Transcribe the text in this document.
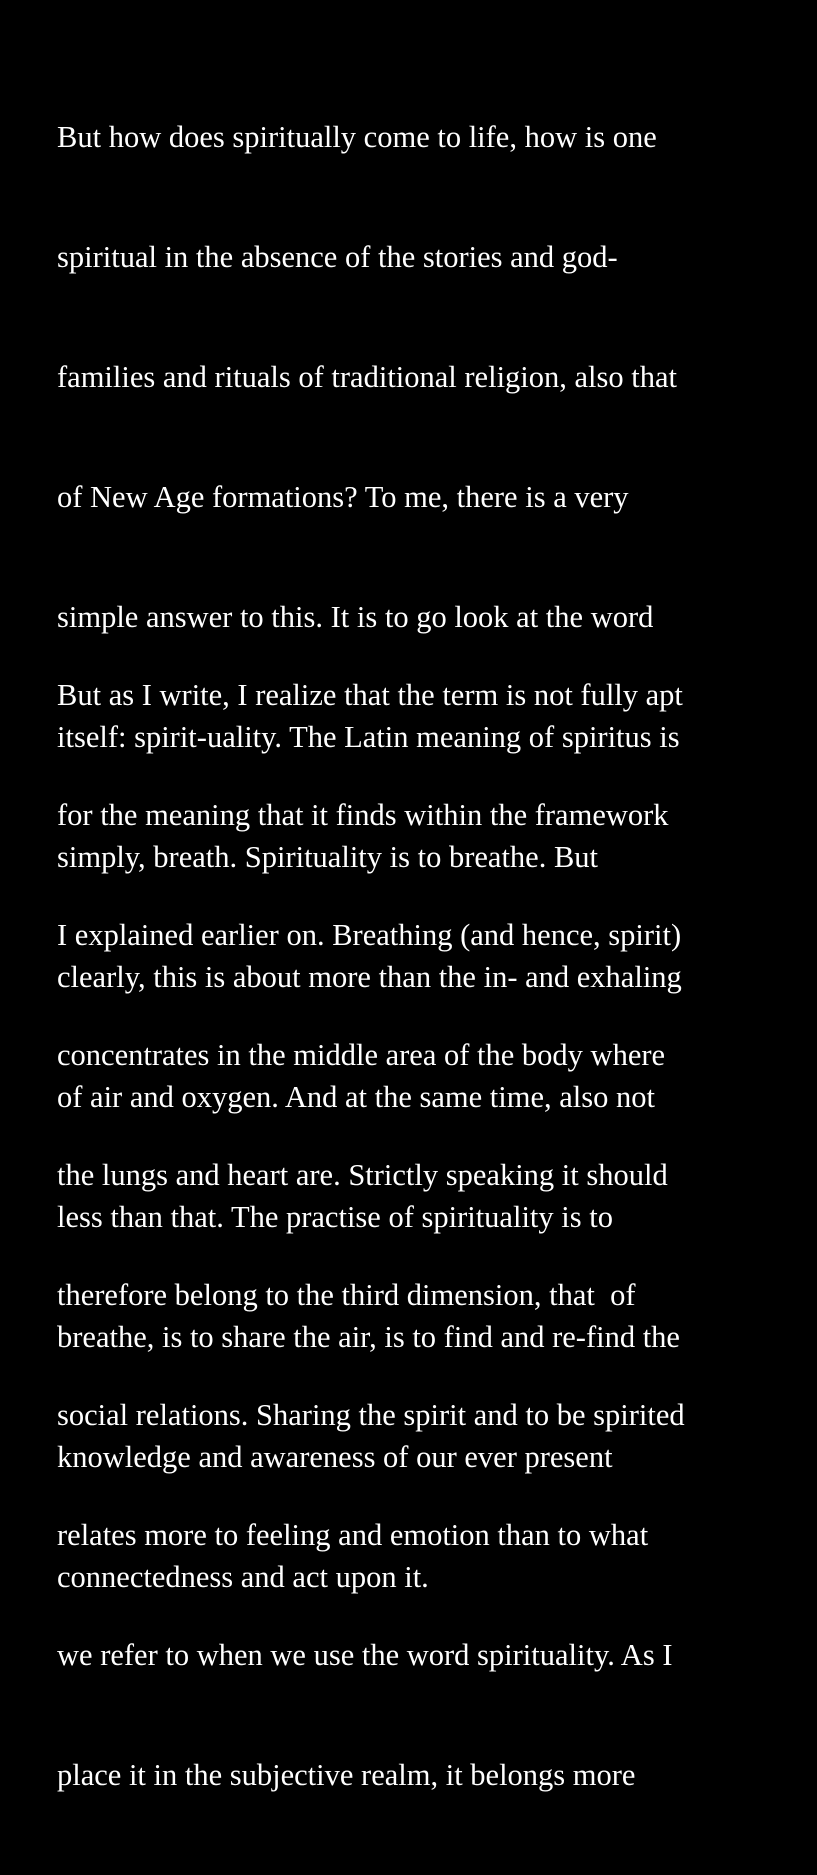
But how does spiritually come to life, how is one

spiritual in the absence of the stories and god-

families and rituals of traditional religion, also that

of New Age formations? To me, there is a very

simple answer to this. It is to go look at the word

itself: spirit-uality. The Latin meaning of spiritus is

simply, breath. Spirituality is to breathe. But

clearly, this is about more than the in- and exhaling

of air and oxygen. And at the same time, also not

less than that. The practise of spirituality is to

breathe, is to share the air, is to find and re-find the

knowledge and awareness of our ever present

connectedness and act upon it.

But as I write, I realize that the term is not fully apt

for the meaning that it finds within the framework

I explained earlier on. Breathing (and hence, spirit)

concentrates in the middle area of the body where

the lungs and heart are. Strictly speaking it should

therefore belong to the third dimension, that  of

social relations. Sharing the spirit and to be spirited

relates more to feeling and emotion than to what

we refer to when we use the word spirituality. As I

place it in the subjective realm, it belongs more
